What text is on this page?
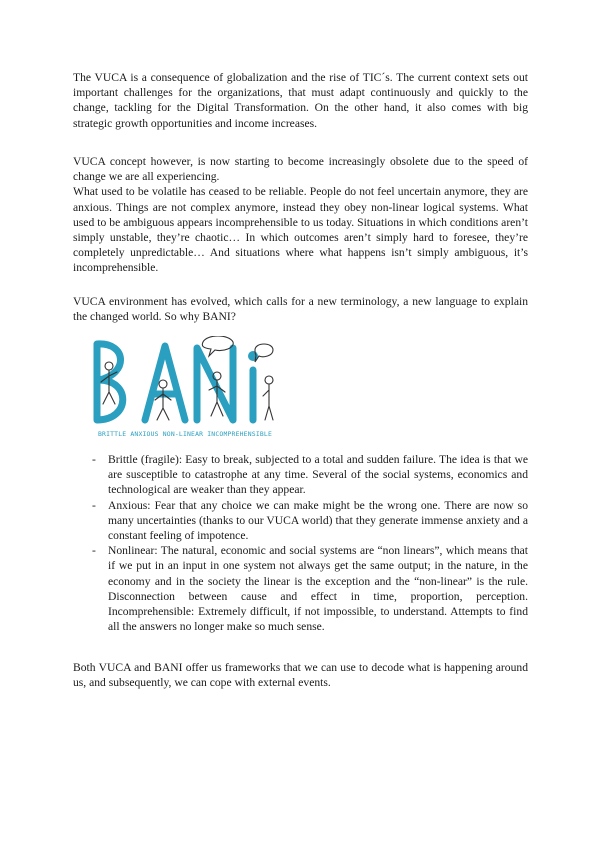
The VUCA is a consequence of globalization and the rise of TIC´s. The current context sets out important challenges for the organizations, that must adapt continuously and quickly to the change, tackling for the Digital Transformation. On the other hand, it also comes with big strategic growth opportunities and income increases.

VUCA concept however, is now starting to become increasingly obsolete due to the speed of change we are all experiencing.

What used to be volatile has ceased to be reliable. People do not feel uncertain anymore, they are anxious. Things are not complex anymore, instead they obey non-linear logical systems. What used to be ambiguous appears incomprehensible to us today. Situations in which conditions aren’t simply unstable, they’re chaotic… In which outcomes aren’t simply hard to foresee, they’re completely unpredictable… And situations where what happens isn’t simply ambiguous, it’s incomprehensible.

VUCA environment has evolved, which calls for a new terminology, a new language to explain the changed world. So why BANI?

BRITTLE ANXIOUS NON-LINEAR INCOMPREHENSIBLE
- Brittle (fragile): Easy to break, subjected to a total and sudden failure. The idea is that we are susceptible to catastrophe at any time. Several of the social systems, economics and technological are weaker than they appear.
- Anxious: Fear that any choice we can make might be the wrong one. There are now so many uncertainties (thanks to our VUCA world) that they generate immense anxiety and a constant feeling of impotence.
- Nonlinear: The natural, economic and social systems are “non linears”, which means that if we put in an input in one system not always get the same output; in the nature, in the economy and in the society the linear is the exception and the “non-linear” is the rule. Disconnection between cause and effect in time, proportion, perception. Incomprehensible: Extremely difficult, if not impossible, to understand. Attempts to find all the answers no longer make so much sense.

Both VUCA and BANI offer us frameworks that we can use to decode what is happening around us, and subsequently, we can cope with external events.
